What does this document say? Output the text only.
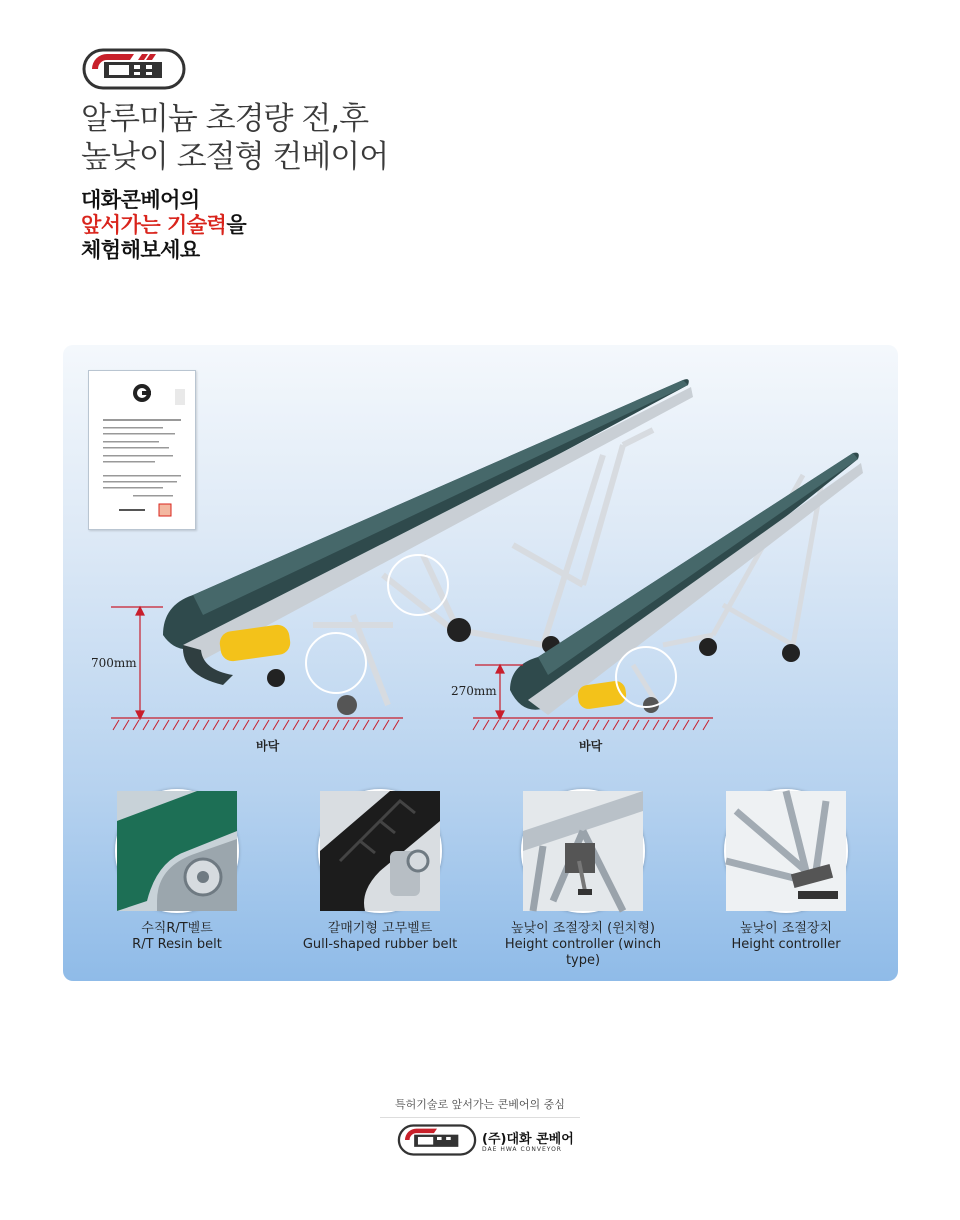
DH
알루미늄 초경량 전,후
높낮이 조절형 컨베이어
대화콘베어의
앞서가는 기술력을
체험해보세요
700mm
270mm
바닥	바닥
수직R/T벨트
R/T Resin belt
갈매기형 고무벨트
Gull-shaped rubber belt
높낮이 조절장치 (윈치형)
Height controller (winch type)
높낮이 조절장치
Height controller
특허기술로 앞서가는 콘베어의 중심
(주)대화 콘베어
DAE HWA CONVEYOR
